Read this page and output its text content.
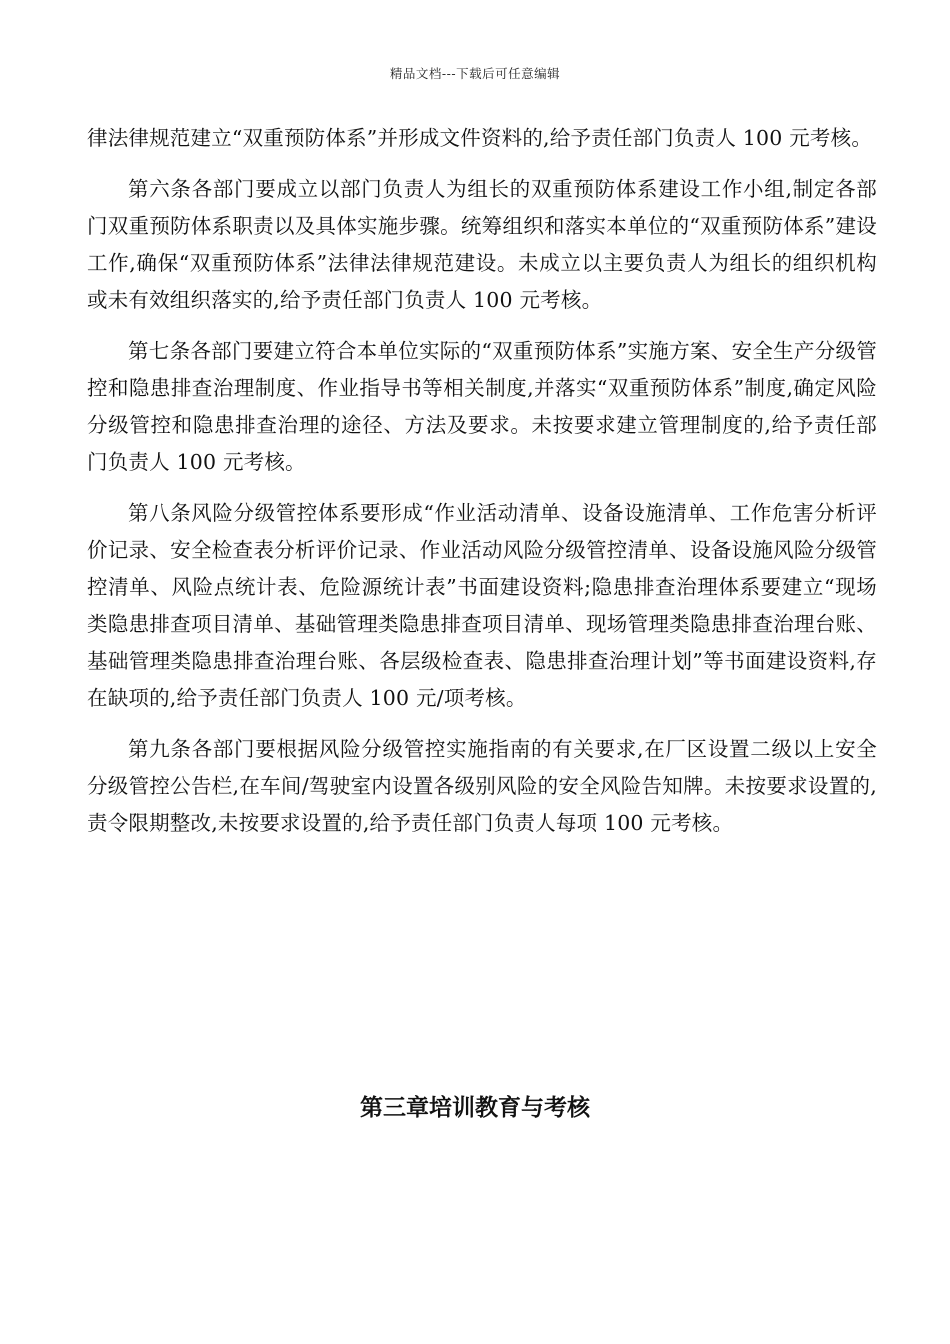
精品文档---下载后可任意编辑

律法律规范建立“双重预防体系”并形成文件资料的,给予责任部门负责人 100 元考核。

第六条各部门要成立以部门负责人为组长的双重预防体系建设工作小组,制定各部门双重预防体系职责以及具体实施步骤。统筹组织和落实本单位的“双重预防体系”建设工作,确保“双重预防体系”法律法律规范建设。未成立以主要负责人为组长的组织机构或未有效组织落实的,给予责任部门负责人 100 元考核。

第七条各部门要建立符合本单位实际的“双重预防体系”实施方案、安全生产分级管控和隐患排查治理制度、作业指导书等相关制度,并落实“双重预防体系”制度,确定风险分级管控和隐患排查治理的途径、方法及要求。未按要求建立管理制度的,给予责任部门负责人 100 元考核。

第八条风险分级管控体系要形成“作业活动清单、设备设施清单、工作危害分析评价记录、安全检查表分析评价记录、作业活动风险分级管控清单、设备设施风险分级管控清单、风险点统计表、危险源统计表”书面建设资料;隐患排查治理体系要建立“现场类隐患排查项目清单、基础管理类隐患排查项目清单、现场管理类隐患排查治理台账、基础管理类隐患排查治理台账、各层级检查表、隐患排查治理计划”等书面建设资料,存在缺项的,给予责任部门负责人 100 元/项考核。

第九条各部门要根据风险分级管控实施指南的有关要求,在厂区设置二级以上安全分级管控公告栏,在车间/驾驶室内设置各级别风险的安全风险告知牌。未按要求设置的,责令限期整改,未按要求设置的,给予责任部门负责人每项 100 元考核。

第三章培训教育与考核
